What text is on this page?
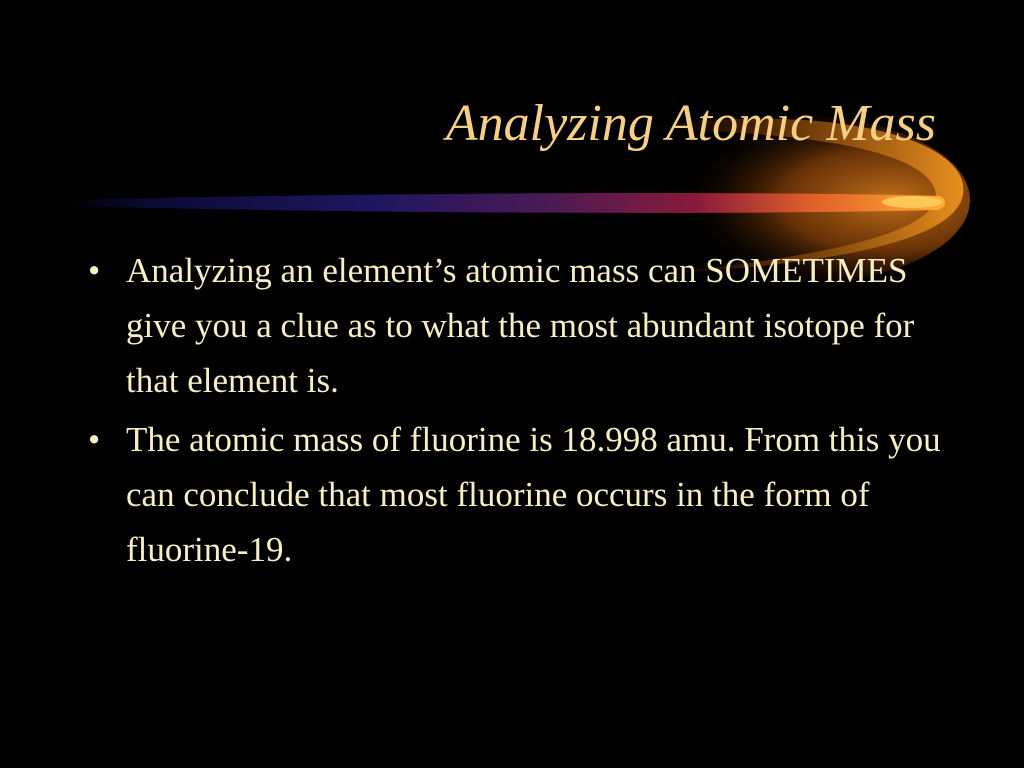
Analyzing Atomic Mass
• Analyzing an element’s atomic mass can SOMETIMES give you a clue as to what the most abundant isotope for that element is.
• The atomic mass of fluorine is 18.998 amu. From this you can conclude that most fluorine occurs in the form of fluorine-19.
